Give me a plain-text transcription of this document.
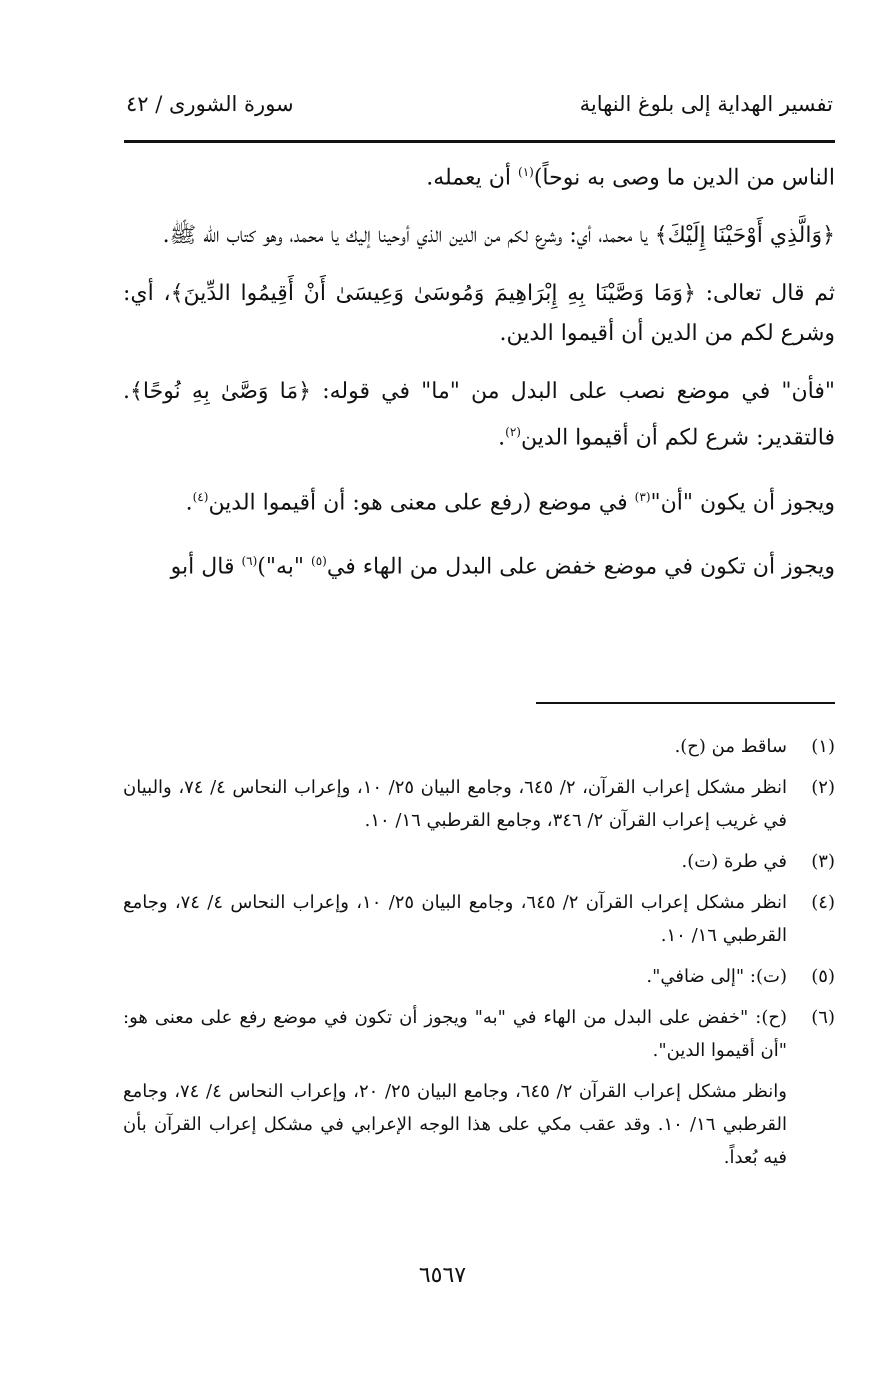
تفسير الهداية إلى بلوغ النهاية
سورة الشورى / ٤٢

الناس من الدين ما وصى به نوحاً)$^{(١)}$ أن يعمله.

﴿وَالَّذِي أَوْحَيْنَا إِلَيْكَ﴾ يا محمد، أي: وشرع لكم من الدين الذي أوحينا إليك يا محمد، وهو كتاب الله ﷺ.

ثم قال تعالى: ﴿وَمَا وَصَّيْنَا بِهِ إِبْرَاهِيمَ وَمُوسَىٰ وَعِيسَىٰ أَنْ أَقِيمُوا الدِّينَ﴾، أي: وشرع لكم من الدين أن أقيموا الدين.

"فأن" في موضع نصب على البدل من "ما" في قوله: ﴿مَا وَصَّىٰ بِهِ نُوحًا﴾. فالتقدير: شرع لكم أن أقيموا الدين$^{(٢)}$.

ويجوز أن يكون "أن"$^{(٣)}$ في موضع (رفع على معنى هو: أن أقيموا الدين$^{(٤)}$.

ويجوز أن تكون في موضع خفض على البدل من الهاء في$^{(٥)}$ "به")$^{(٦)}$ قال أبو

(١)
ساقط من (ح).
(٢)
انظر مشكل إعراب القرآن، ٢/ ٦٤٥، وجامع البيان ٢٥/ ١٠، وإعراب النحاس ٤/ ٧٤، والبيان في غريب إعراب القرآن ٢/ ٣٤٦، وجامع القرطبي ١٦/ ١٠.
(٣)
في طرة (ت).
(٤)
انظر مشكل إعراب القرآن ٢/ ٦٤٥، وجامع البيان ٢٥/ ١٠، وإعراب النحاس ٤/ ٧٤، وجامع القرطبي ١٦/ ١٠.
(٥)
(ت): "إلى ضافي".
(٦)
(ح): "خفض على البدل من الهاء في "به" ويجوز أن تكون في موضع رفع على معنى هو: "أن أقيموا الدين".
وانظر مشكل إعراب القرآن ٢/ ٦٤٥، وجامع البيان ٢٥/ ٢٠، وإعراب النحاس ٤/ ٧٤، وجامع القرطبي ١٦/ ١٠. وقد عقب مكي على هذا الوجه الإعرابي في مشكل إعراب القرآن بأن فيه بُعداً.
٦٥٦٧
